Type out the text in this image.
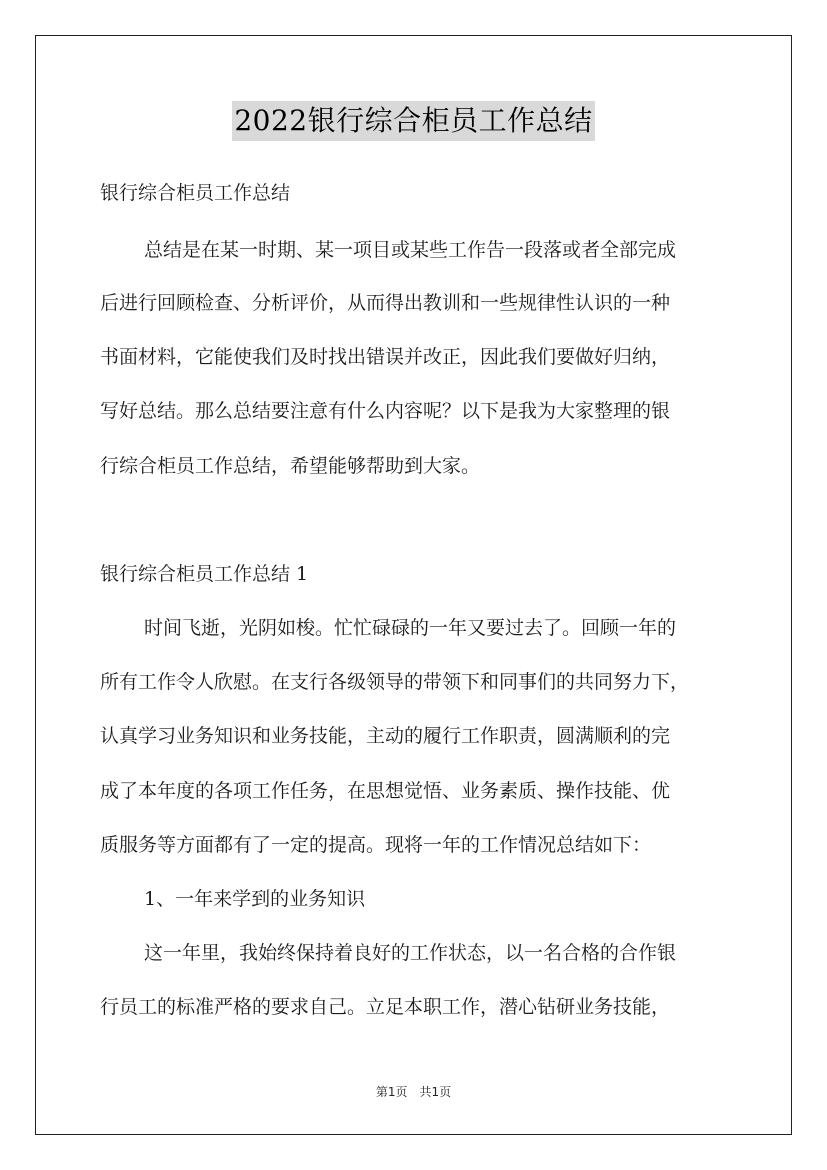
2022银行综合柜员工作总结
银行综合柜员工作总结
总结是在某一时期、某一项目或某些工作告一段落或者全部完成
后进行回顾检查、分析评价，从而得出教训和一些规律性认识的一种
书面材料，它能使我们及时找出错误并改正，因此我们要做好归纳，
写好总结。那么总结要注意有什么内容呢？以下是我为大家整理的银
行综合柜员工作总结，希望能够帮助到大家。
银行综合柜员工作总结 1
时间飞逝，光阴如梭。忙忙碌碌的一年又要过去了。回顾一年的
所有工作令人欣慰。在支行各级领导的带领下和同事们的共同努力下，
认真学习业务知识和业务技能，主动的履行工作职责，圆满顺利的完
成了本年度的各项工作任务，在思想觉悟、业务素质、操作技能、优
质服务等方面都有了一定的提高。现将一年的工作情况总结如下：
1、一年来学到的业务知识
这一年里，我始终保持着良好的工作状态，以一名合格的合作银
行员工的标准严格的要求自己。立足本职工作，潜心钻研业务技能，
第1页　共1页
